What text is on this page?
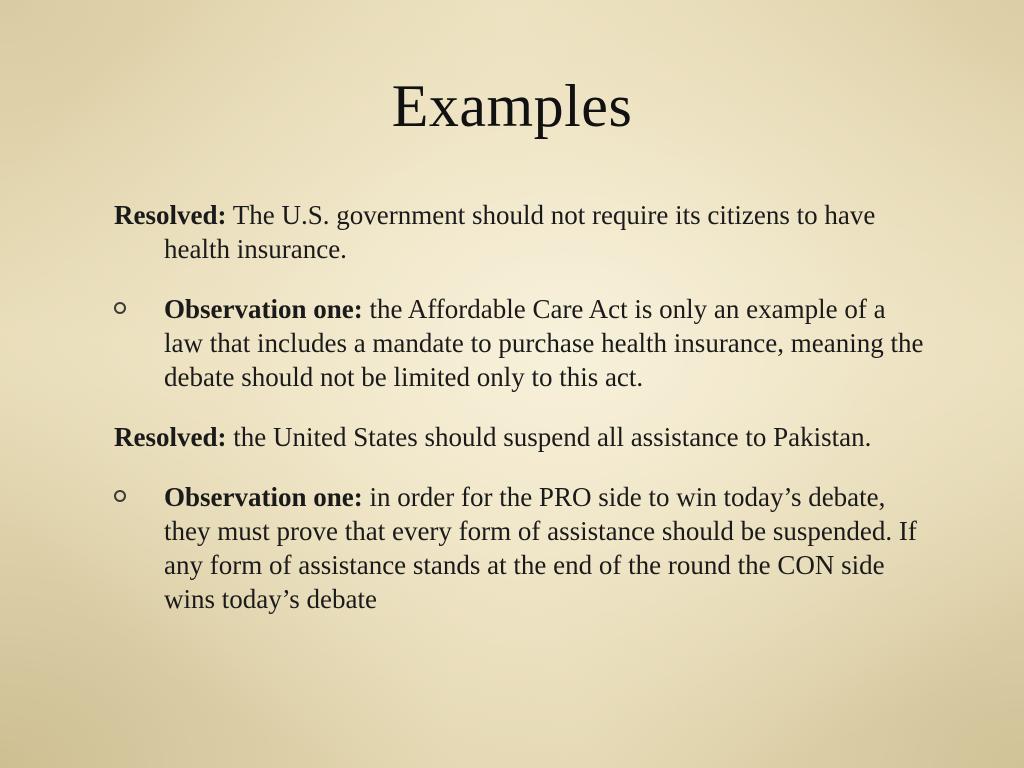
Examples

Resolved: The U.S. government should not require its citizens to have health insurance.

Observation one: the Affordable Care Act is only an example of a law that includes a mandate to purchase health insurance, meaning the debate should not be limited only to this act.

Resolved: the United States should suspend all assistance to Pakistan.

Observation one: in order for the PRO side to win today’s debate, they must prove that every form of assistance should be suspended. If any form of assistance stands at the end of the round the CON side wins today’s debate
